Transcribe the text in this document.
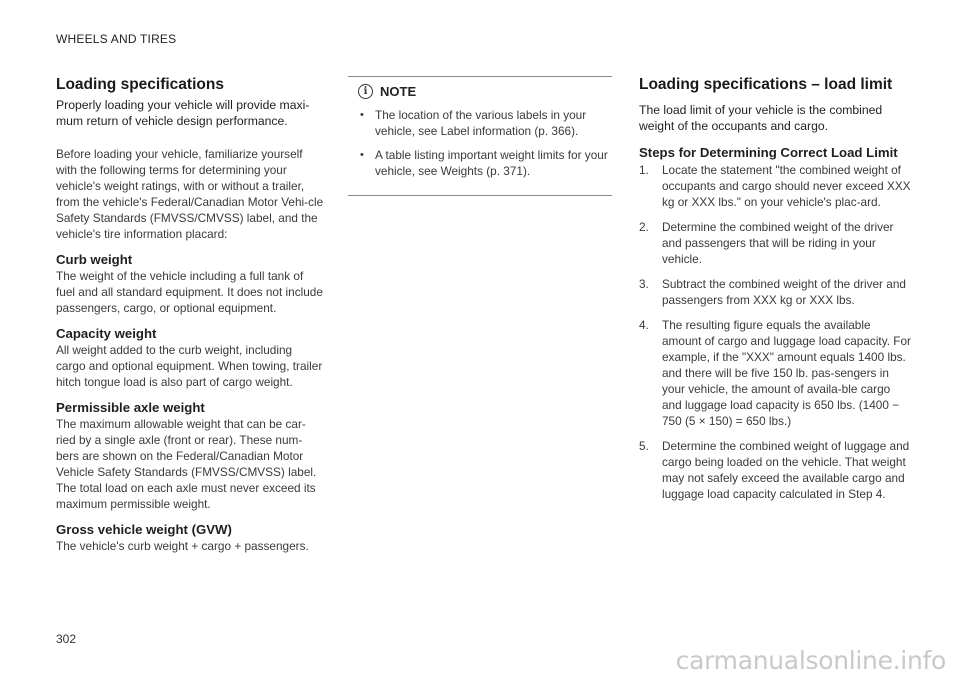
WHEELS AND TIRES
Loading specifications

Properly loading your vehicle will provide maxi-mum return of vehicle design performance.

Before loading your vehicle, familiarize yourself with the following terms for determining your vehicle's weight ratings, with or without a trailer, from the vehicle's Federal/Canadian Motor Vehi-cle Safety Standards (FMVSS/CMVSS) label, and the vehicle's tire information placard:

Curb weight

The weight of the vehicle including a full tank of fuel and all standard equipment. It does not include passengers, cargo, or optional equipment.

Capacity weight

All weight added to the curb weight, including cargo and optional equipment. When towing, trailer hitch tongue load is also part of cargo weight.

Permissible axle weight

The maximum allowable weight that can be car-ried by a single axle (front or rear). These num-bers are shown on the Federal/Canadian Motor Vehicle Safety Standards (FMVSS/CMVSS) label. The total load on each axle must never exceed its maximum permissible weight.

Gross vehicle weight (GVW)

The vehicle's curb weight + cargo + passengers.

i NOTE
• The location of the various labels in your vehicle, see Label information (p. 366).
• A table listing important weight limits for your vehicle, see Weights (p. 371).
Loading specifications – load limit

The load limit of your vehicle is the combined weight of the occupants and cargo.

Steps for Determining Correct Load Limit
1.	Locate the statement "the combined weight of occupants and cargo should never exceed XXX kg or XXX lbs." on your vehicle's plac-ard.
2.	Determine the combined weight of the driver and passengers that will be riding in your vehicle.
3.	Subtract the combined weight of the driver and passengers from XXX kg or XXX lbs.
4.	The resulting figure equals the available amount of cargo and luggage load capacity. For example, if the "XXX" amount equals 1400 lbs. and there will be five 150 lb. pas-sengers in your vehicle, the amount of availa-ble cargo and luggage load capacity is 650 lbs. (1400 − 750 (5 × 150) = 650 lbs.)
5.	Determine the combined weight of luggage and cargo being loaded on the vehicle. That weight may not safely exceed the available cargo and luggage load capacity calculated in Step 4.
302
carmanualsonline.info
